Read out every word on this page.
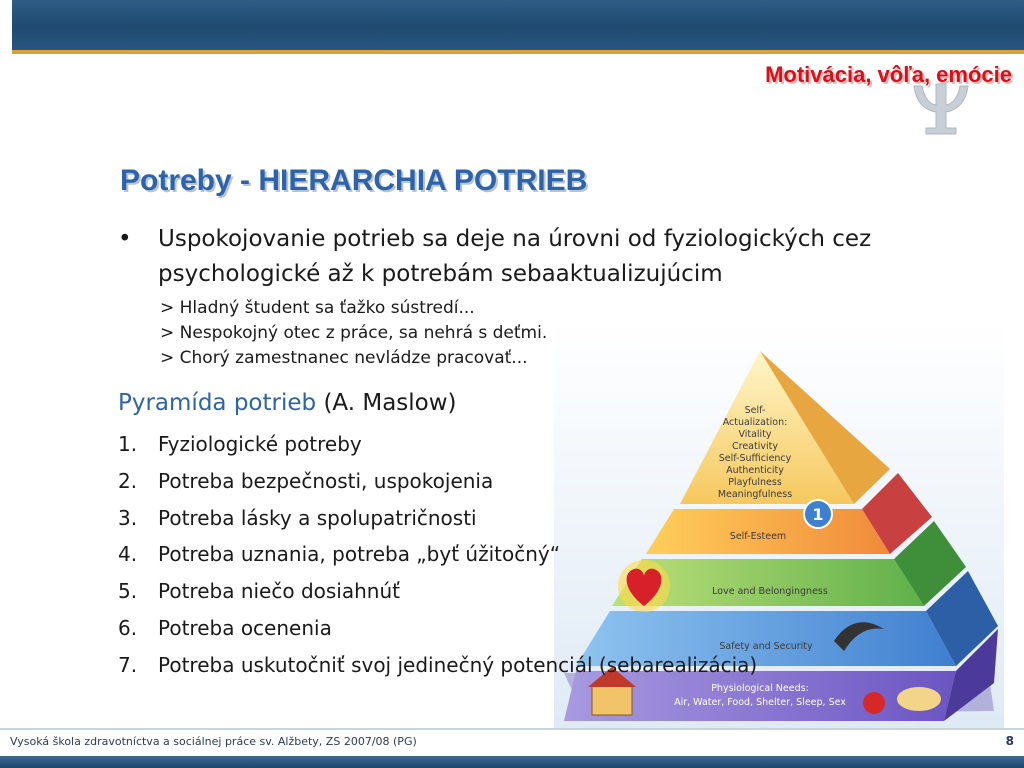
Motivácia, vôľa, emócie
Potreby - HIERARCHIA POTRIEB
1
Self-
Actualization:
Vitality
Creativity
Self-Sufficiency
Authenticity
Playfulness
Meaningfulness
Self-Esteem
Love and Belongingness
Safety and Security
Physiological Needs:
Air, Water, Food, Shelter, Sleep, Sex

• Uspokojovanie potrieb sa deje na úrovni od fyziologických cez psychologické až k potrebám sebaaktualizujúcim

> Hladný študent sa ťažko sústredí...

> Nespokojný otec z práce, sa nehrá s deťmi.

> Chorý zamestnanec nevládze pracovať...

Pyramída potrieb (A. Maslow)
1. Fyziologické potreby
2. Potreba bezpečnosti, uspokojenia
3. Potreba lásky a spolupatričnosti
4. Potreba uznania, potreba „byť úžitočný“
5. Potreba niečo dosiahnúť
6. Potreba ocenenia
7. Potreba uskutočniť svoj jedinečný potenciál (sebarealizácia)
Vysoká škola zdravotníctva a sociálnej práce sv. Alžbety, ZS 2007/08 (PG)	8
